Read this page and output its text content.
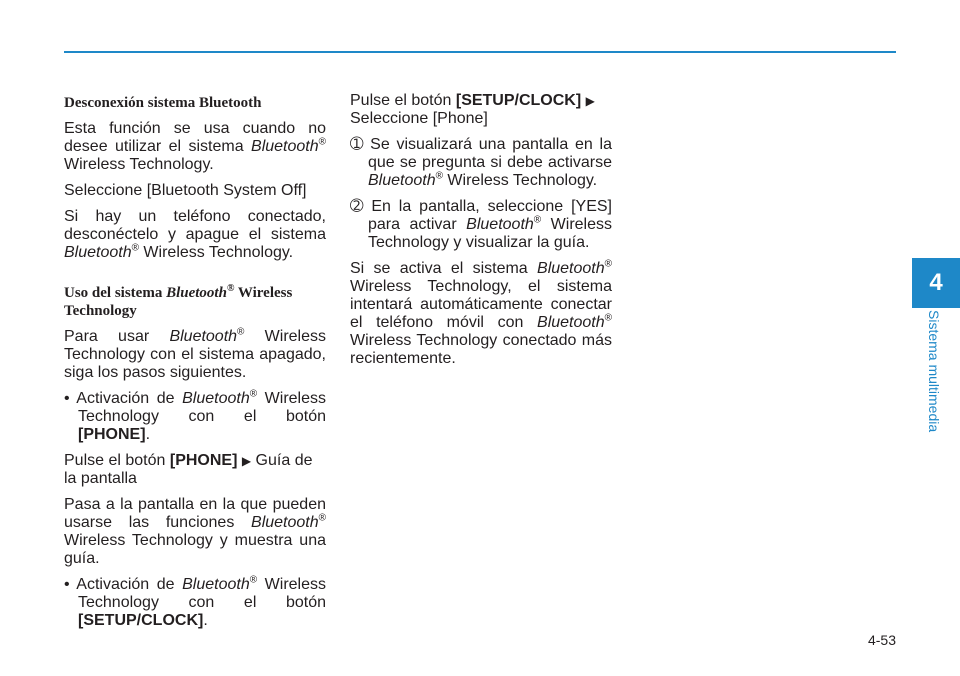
4
Sistema multimedia
Desconexión sistema Bluetooth

Esta función se usa cuando no desee utilizar el sistema Bluetooth® Wireless Technology.

Seleccione [Bluetooth System Off]

Si hay un teléfono conectado, desconéctelo y apague el sistema Bluetooth® Wireless Technology.

Uso del sistema Bluetooth® Wireless Technology

Para usar Bluetooth® Wireless Technology con el sistema apagado, siga los pasos siguientes.

• Activación de Bluetooth® Wireless Technology con el botón [PHONE].

Pulse el botón [PHONE] ▶ Guía de la pantalla

Pasa a la pantalla en la que pueden usarse las funciones Bluetooth® Wireless Technology y muestra una guía.

• Activación de Bluetooth® Wireless Technology con el botón [SETUP/CLOCK].

Pulse el botón [SETUP/CLOCK] ▶
Seleccione [Phone]

➀ Se visualizará una pantalla en la que se pregunta si debe activarse Bluetooth® Wireless Technology.

➁ En la pantalla, seleccione [YES] para activar Bluetooth® Wireless Technology y visualizar la guía.

Si se activa el sistema Bluetooth® Wireless Technology, el sistema intentará automáticamente conectar el teléfono móvil con Bluetooth® Wireless Technology conectado más recientemente.

4-53
